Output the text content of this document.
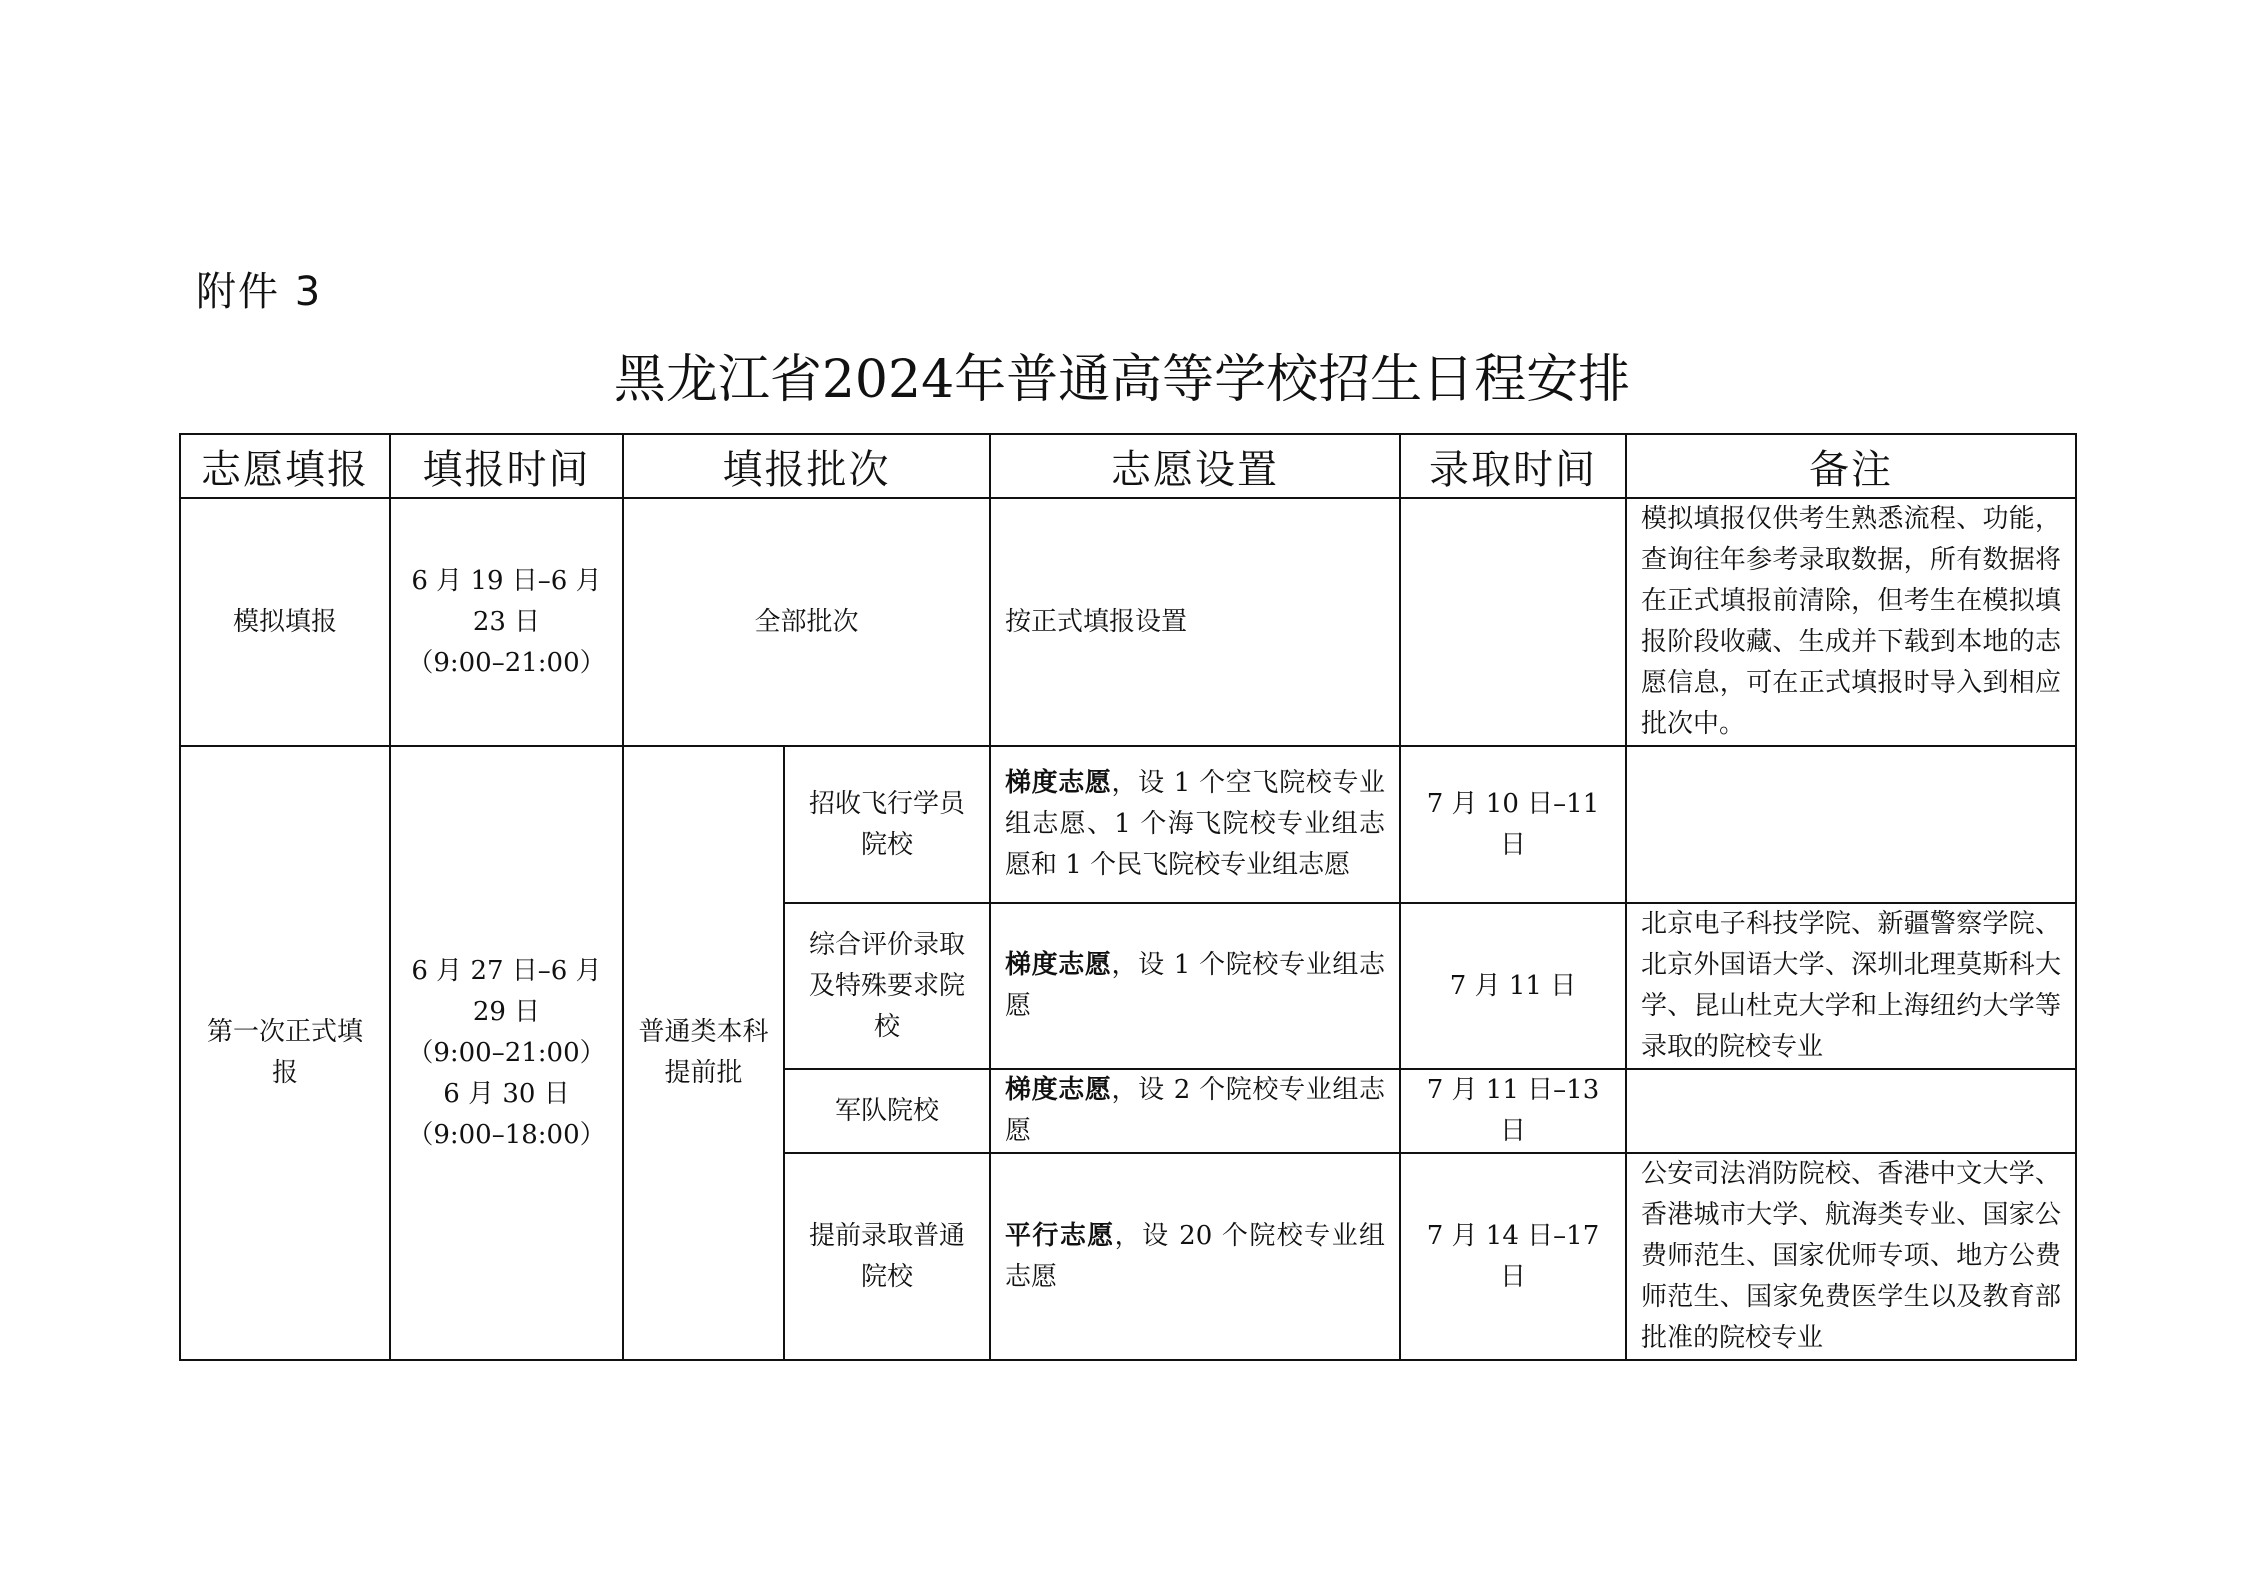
附件 3
黑龙江省2024年普通高等学校招生日程安排
志愿填报	填报时间	填报批次		志愿设置	录取时间	备注
模拟填报	6 月 19 日–6 月
23 日
（9:00–21:00）	全部批次		按正式填报设置		模拟填报仅供考生熟悉流程、功能，查询往年参考录取数据，所有数据将在正式填报前清除，但考生在模拟填报阶段收藏、生成并下载到本地的志愿信息，可在正式填报时导入到相应批次中。
第一次正式填报	6 月 27 日–6 月
29 日
（9:00–21:00）
6 月 30 日
（9:00–18:00）	普通类本科提前批	招收飞行学员院校	梯度志愿，设 1 个空飞院校专业组志愿、1 个海飞院校专业组志愿和 1 个民飞院校专业组志愿	7 月 10 日–11 日	
			综合评价录取及特殊要求院校	梯度志愿，设 1 个院校专业组志愿	7 月 11 日	北京电子科技学院、新疆警察学院、北京外国语大学、深圳北理莫斯科大学、昆山杜克大学和上海纽约大学等录取的院校专业
			军队院校	梯度志愿，设 2 个院校专业组志愿	7 月 11 日–13 日	
			提前录取普通院校	平行志愿，设 20 个院校专业组志愿	7 月 14 日–17 日	公安司法消防院校、香港中文大学、香港城市大学、航海类专业、国家公费师范生、国家优师专项、地方公费师范生、国家免费医学生以及教育部批准的院校专业
